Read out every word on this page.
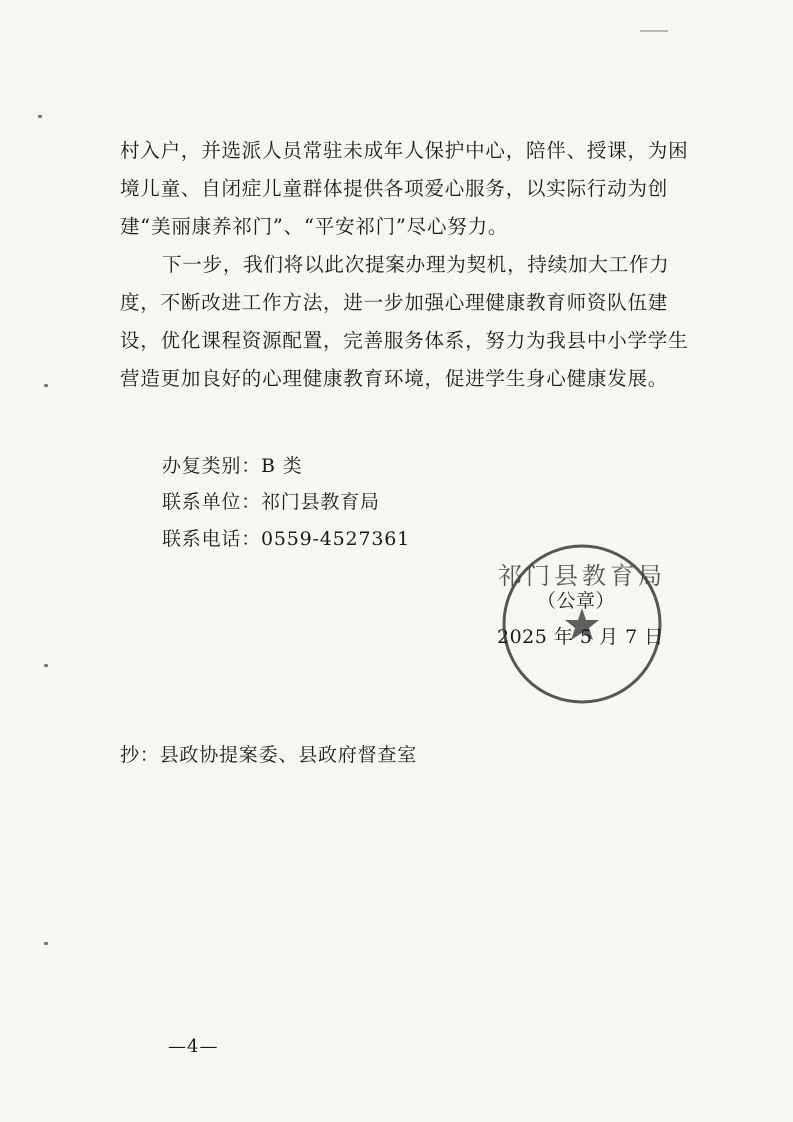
村入户，并选派人员常驻未成年人保护中心，陪伴、授课，为困境儿童、自闭症儿童群体提供各项爱心服务，以实际行动为创建“美丽康养祁门”、“平安祁门”尽心努力。

下一步，我们将以此次提案办理为契机，持续加大工作力度，不断改进工作方法，进一步加强心理健康教育师资队伍建设，优化课程资源配置，完善服务体系，努力为我县中小学学生营造更加良好的心理健康教育环境，促进学生身心健康发展。

办复类别：B 类
联系单位：祁门县教育局
联系电话：0559-4527361
祁门县教育局
（公章）
2025 年 5 月 7 日
抄：县政协提案委、县政府督查室
—4—
